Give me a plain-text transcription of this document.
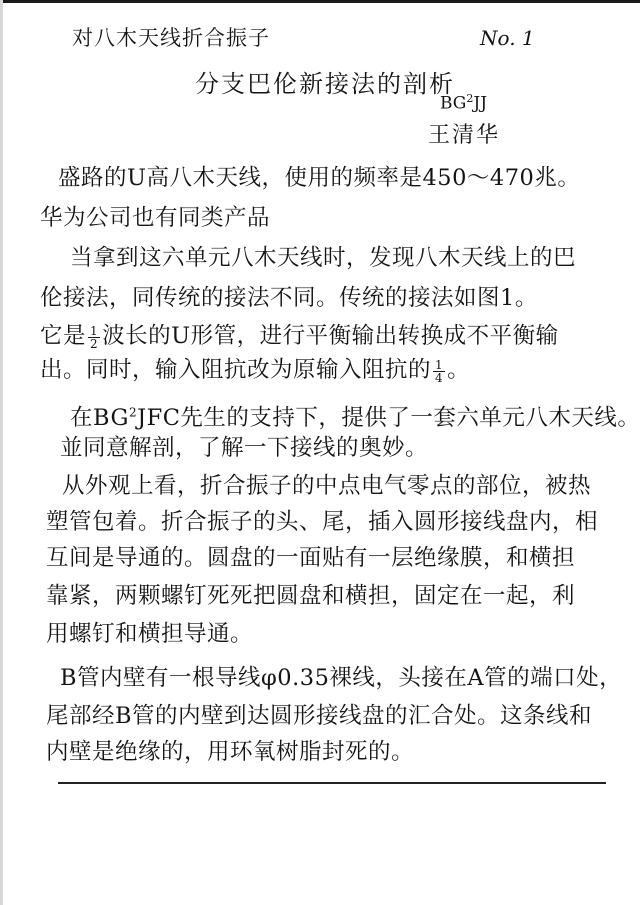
对八木天线折合振子	No. 1
分支巴伦新接法的剖析
$BG^2JJ$
王清华
盛路的U高八木天线，使用的频率是450～470兆。
华为公司也有同类产品
当拿到这六单元八木天线时，发现八木天线上的巴
伦接法，同传统的接法不同。传统的接法如图1。
它是 $\frac{1}{2}$ 波长的U形管，进行平衡输出转换成不平衡输
出。同时，输入阻抗改为原输入阻抗的 $\frac{1}{4}$ 。
在$BG^2JFC$先生的支持下，提供了一套六单元八木天线。
並同意解剖，了解一下接线的奥妙。
从外观上看，折合振子的中点电气零点的部位，被热
塑管包着。折合振子的头、尾，插入圆形接线盘内，相
互间是导通的。圆盘的一面贴有一层绝缘膜，和横担
靠紧，两颗螺钉死死把圆盘和横担，固定在一起，利
用螺钉和横担导通。
B管内壁有一根导线φ0.35裸线，头接在A管的端口处，
尾部经B管的内壁到达圆形接线盘的汇合处。这条线和
内壁是绝缘的，用环氧树脂封死的。
